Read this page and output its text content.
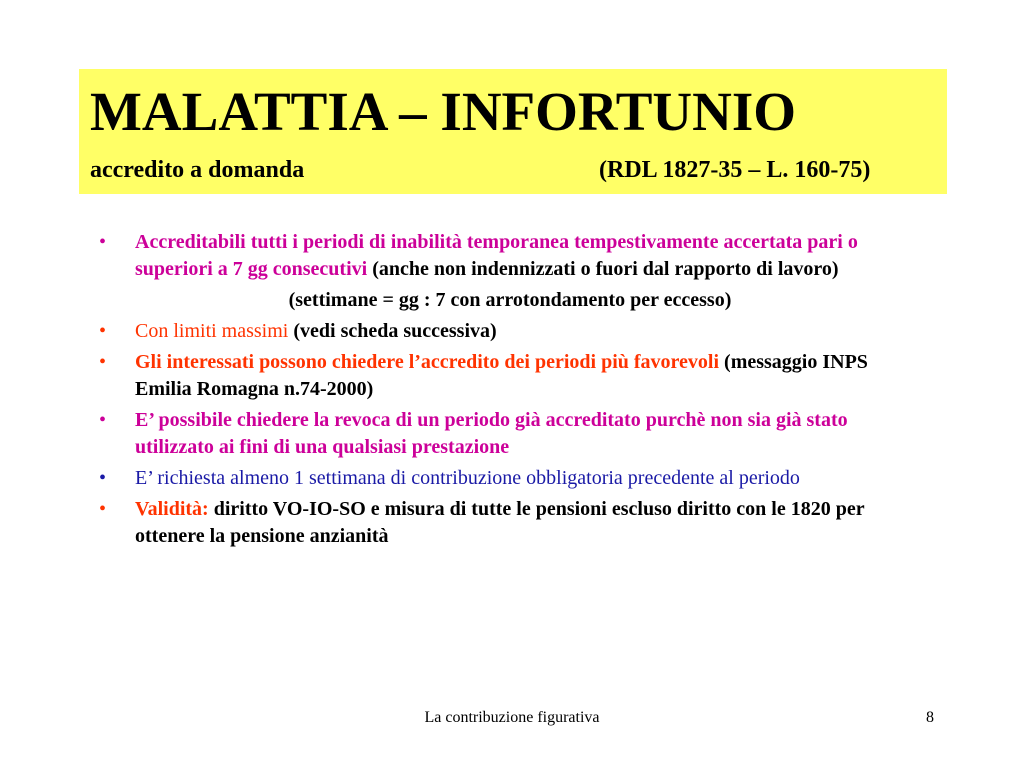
MALATTIA – INFORTUNIO
accredito a domanda	(RDL 1827-35 – L. 160-75)
• Accreditabili tutti i periodi di inabilità temporanea tempestivamente accertata pari o superiori a 7 gg consecutivi (anche non indennizzati o fuori dal rapporto di lavoro)
(settimane = gg : 7 con arrotondamento per eccesso)
• Con limiti massimi (vedi scheda successiva)
• Gli interessati possono chiedere l’accredito dei periodi più favorevoli (messaggio INPS Emilia Romagna n.74-2000)
• E’ possibile chiedere la revoca di un periodo già accreditato purchè non sia già stato utilizzato ai fini di una qualsiasi prestazione
• E’ richiesta almeno 1 settimana di contribuzione obbligatoria precedente al periodo
• Validità: diritto VO-IO-SO e misura di tutte le pensioni escluso diritto con le 1820 per ottenere la pensione anzianità
La contribuzione figurativa	8
